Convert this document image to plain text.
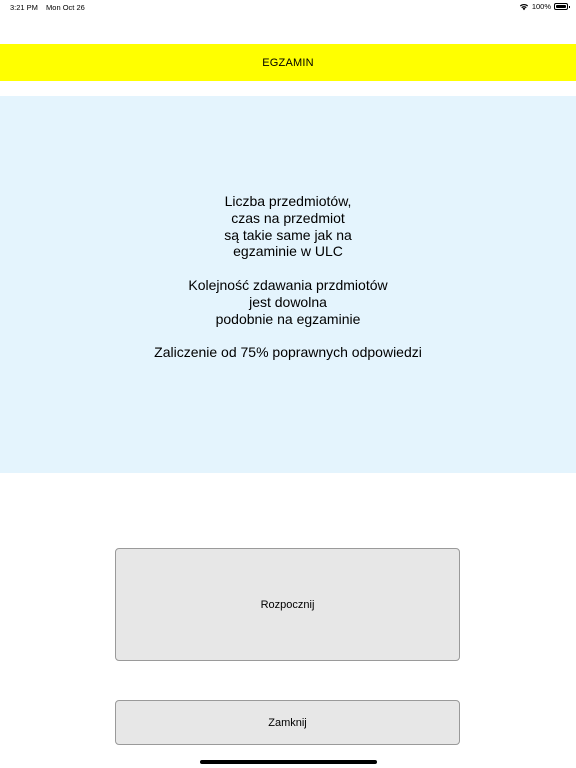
3:21 PM Mon Oct 26	100%
EGZAMIN
Liczba przedmiotów,
czas na przedmiot
są takie same jak na
egzaminie w ULC
Kolejność zdawania przdmiotów
jest dowolna
podobnie na egzaminie
Zaliczenie od 75% poprawnych odpowiedzi
Rozpocznij
Zamknij
